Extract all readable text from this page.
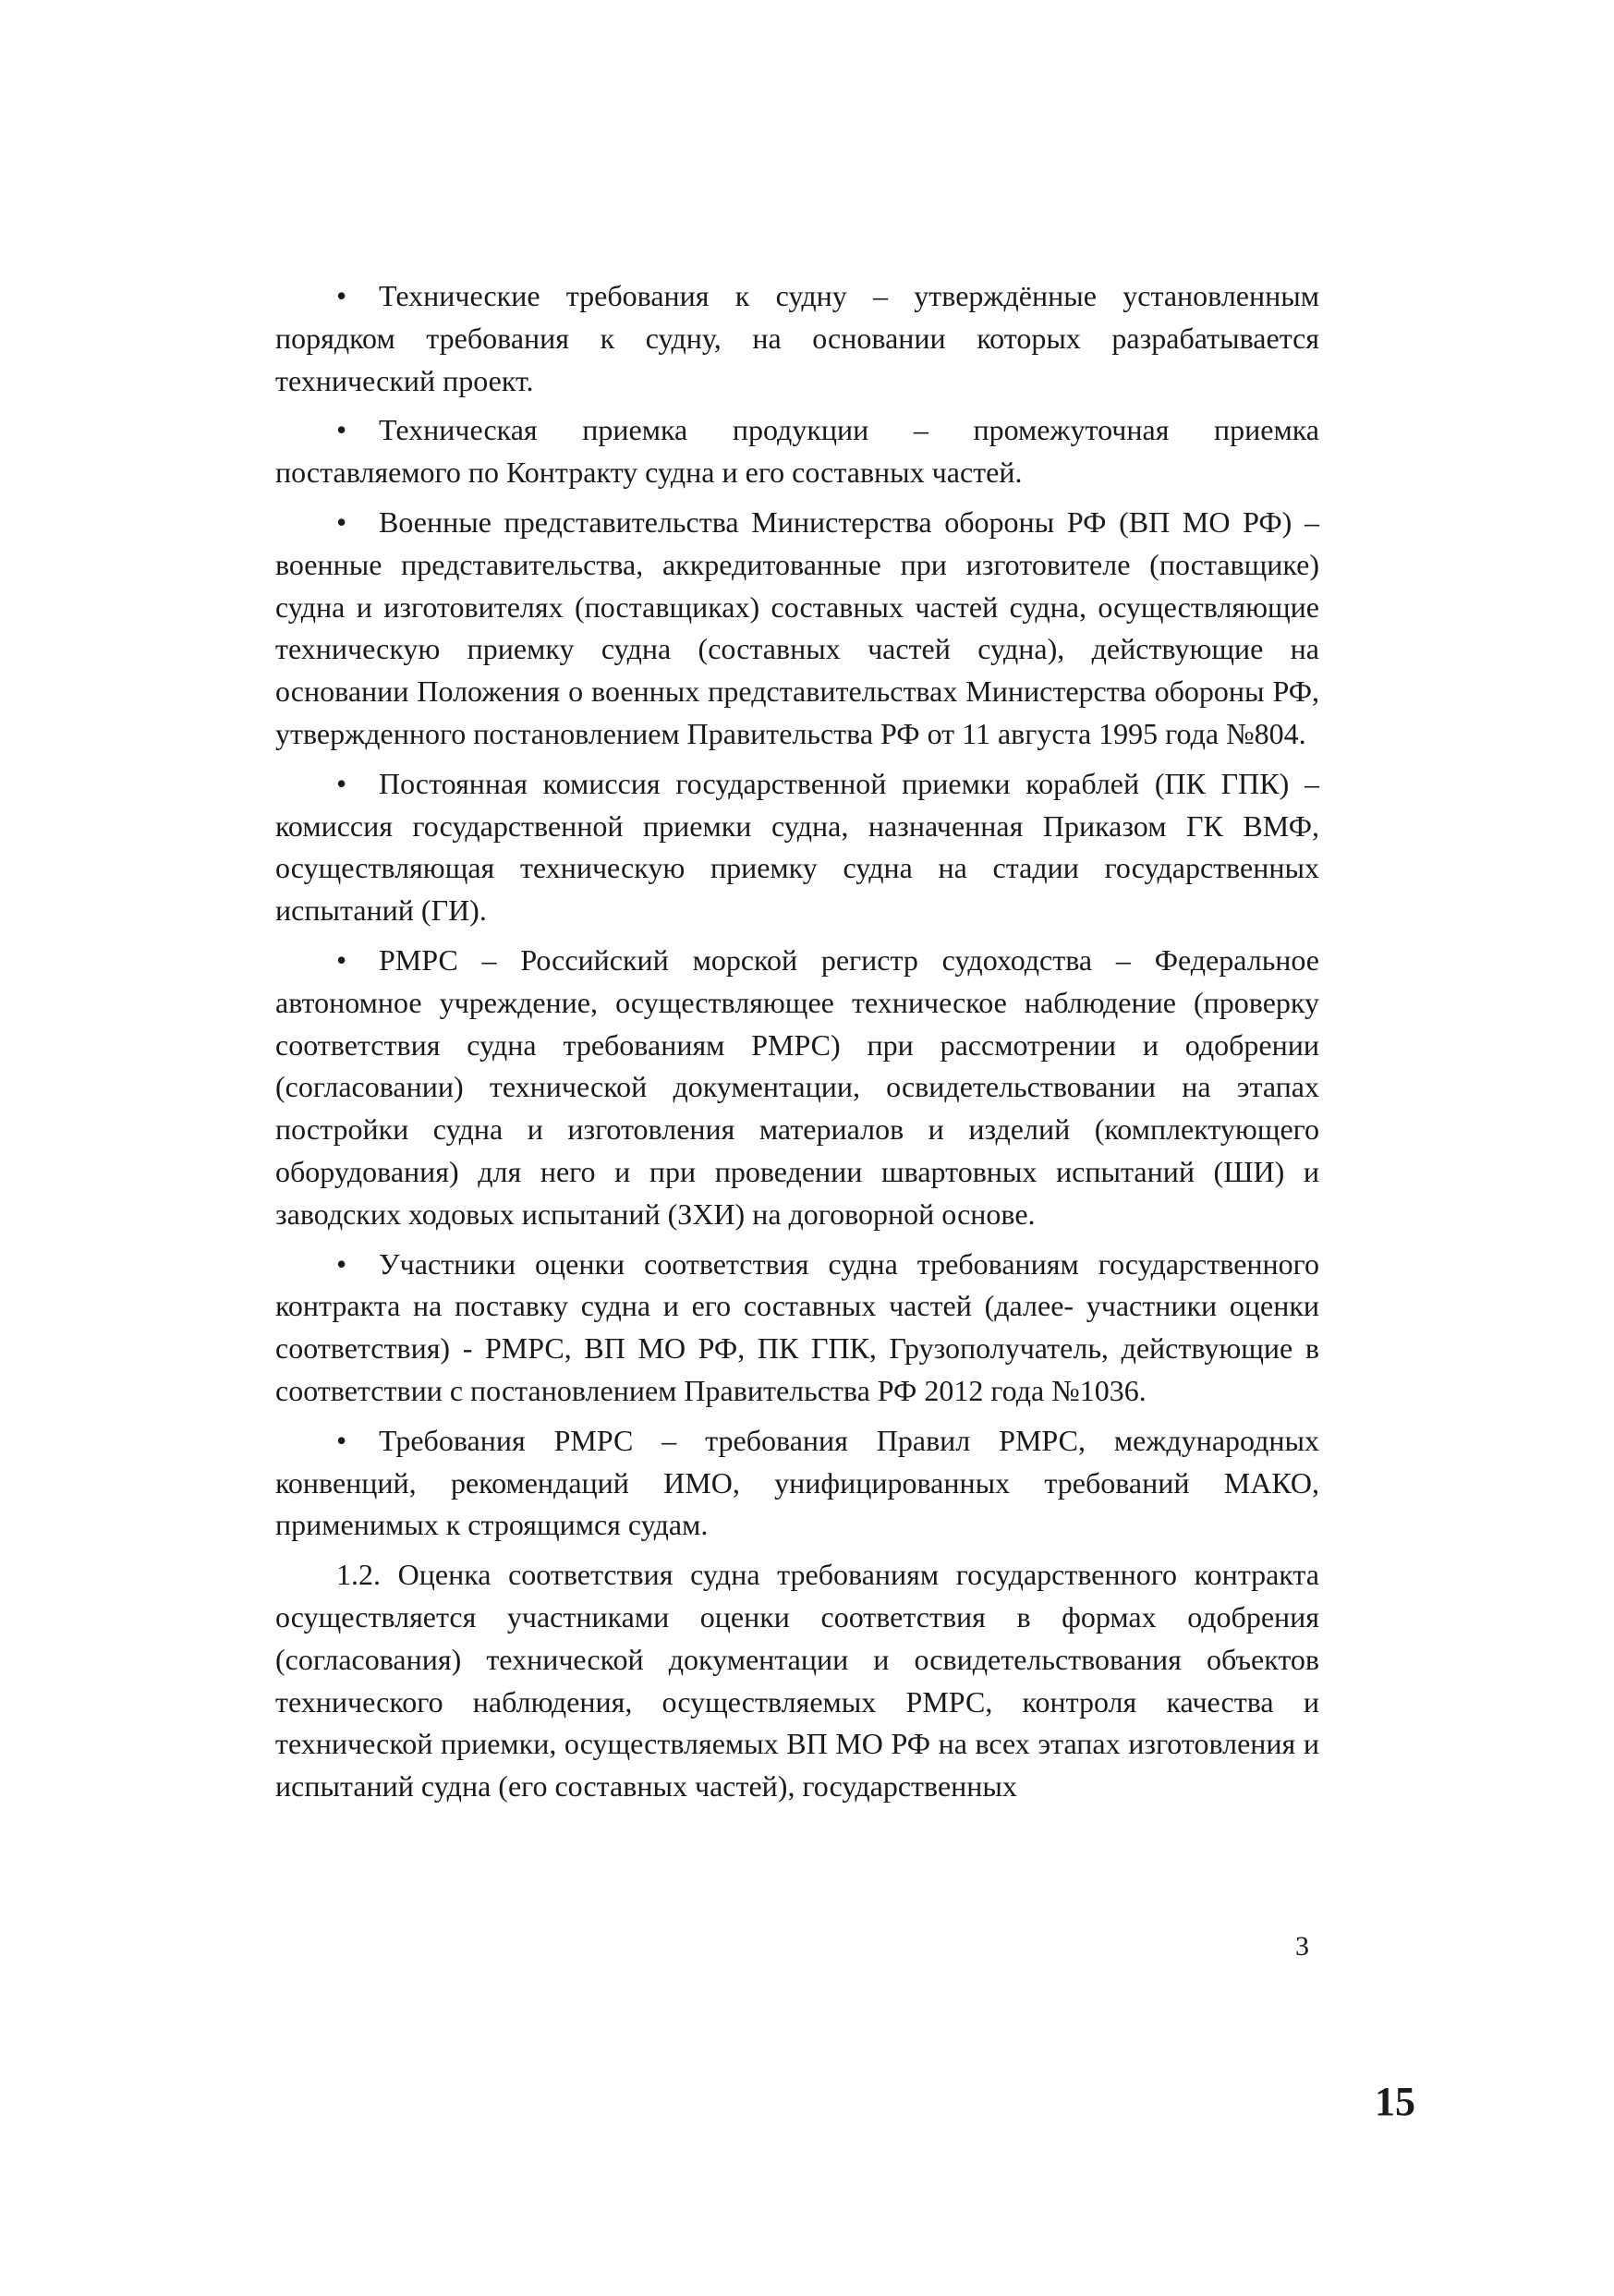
• Технические требования к судну – утверждённые установленным порядком требования к судну, на основании которых разрабатывается технический проект.

• Техническая приемка продукции – промежуточная приемка поставляемого по Контракту судна и его составных частей.

• Военные представительства Министерства обороны РФ (ВП МО РФ) – военные представительства, аккредитованные при изготовителе (поставщике) судна и изготовителях (поставщиках) составных частей судна, осуществляющие техническую приемку судна (составных частей судна), действующие на основании Положения о военных представительствах Министерства обороны РФ, утвержденного постановлением Правительства РФ от 11 августа 1995 года №804.

• Постоянная комиссия государственной приемки кораблей (ПК ГПК) – комиссия государственной приемки судна, назначенная Приказом ГК ВМФ, осуществляющая техническую приемку судна на стадии государственных испытаний (ГИ).

• РМРС – Российский морской регистр судоходства – Федеральное автономное учреждение, осуществляющее техническое наблюдение (проверку соответствия судна требованиям РМРС) при рассмотрении и одобрении (согласовании) технической документации, освидетельствовании на этапах постройки судна и изготовления материалов и изделий (комплектующего оборудования) для него и при проведении швартовных испытаний (ШИ) и заводских ходовых испытаний (ЗХИ) на договорной основе.

• Участники оценки соответствия судна требованиям государственного контракта на поставку судна и его составных частей (далее- участники оценки соответствия) - РМРС, ВП МО РФ, ПК ГПК, Грузополучатель, действующие в соответствии с постановлением Правительства РФ 2012 года №1036.

• Требования РМРС – требования Правил РМРС, международных конвенций, рекомендаций ИМО, унифицированных требований МАКО, применимых к строящимся судам.

1.2. Оценка соответствия судна требованиям государственного контракта осуществляется участниками оценки соответствия в формах одобрения (согласования) технической документации и освидетельствования объектов технического наблюдения, осуществляемых РМРС, контроля качества и технической приемки, осуществляемых ВП МО РФ на всех этапах изготовления и испытаний судна (его составных частей), государственных

3
15
